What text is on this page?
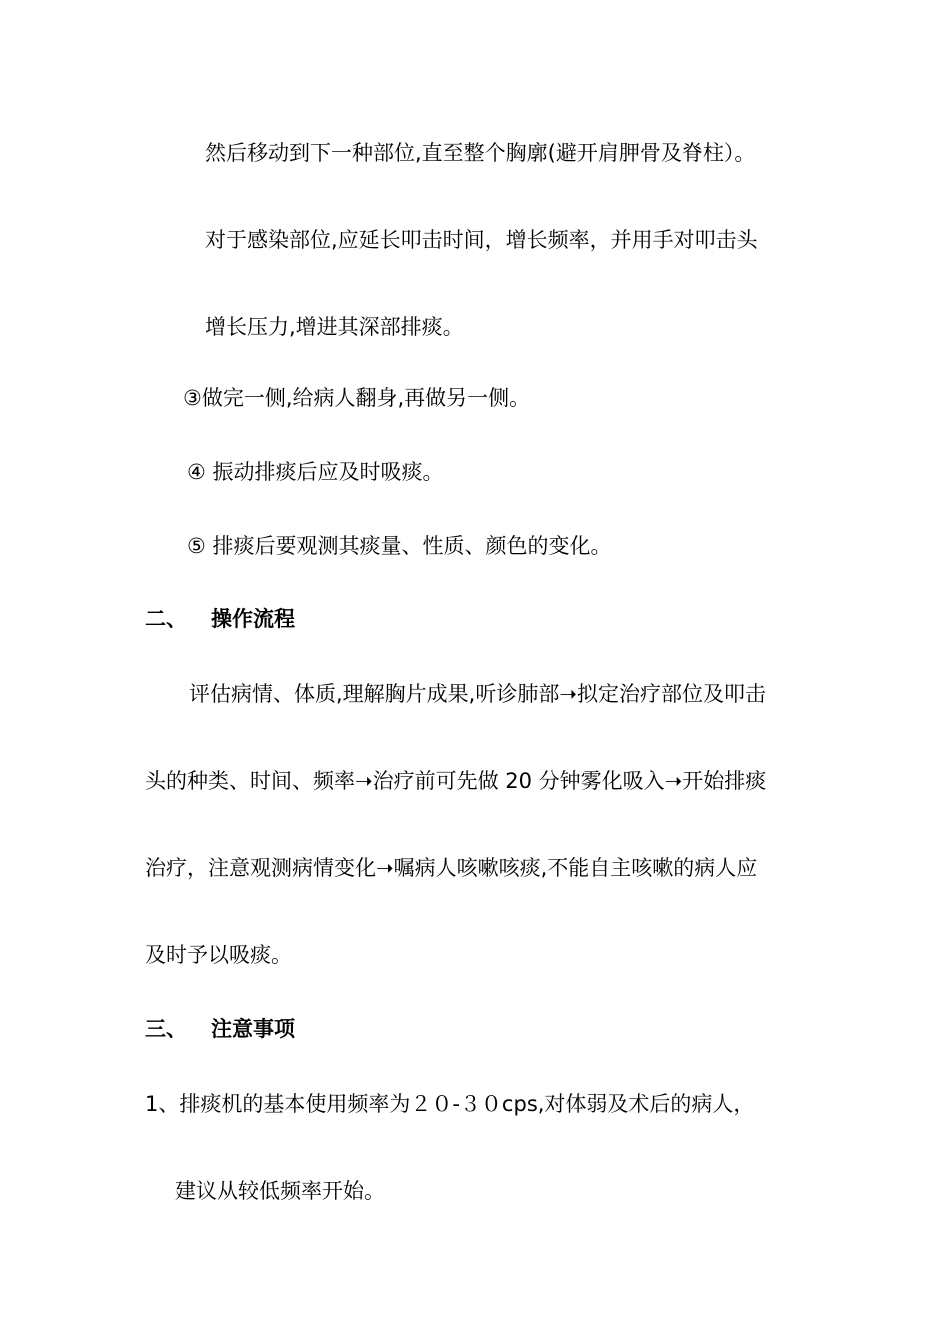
然后移动到下一种部位,直至整个胸廓(避开肩胛骨及脊柱）。
对于感染部位,应延长叩击时间，增长频率，并用手对叩击头
增长压力,增进其深部排痰。
③做完一侧,给病人翻身,再做另一侧。
④ 振动排痰后应及时吸痰。
⑤ 排痰后要观测其痰量、性质、颜色的变化。
二、 操作流程
评估病情、体质,理解胸片成果,听诊肺部➝拟定治疗部位及叩击
头的种类、时间、频率➝治疗前可先做 20 分钟雾化吸入➝开始排痰
治疗，注意观测病情变化➝嘱病人咳嗽咳痰,不能自主咳嗽的病人应
及时予以吸痰。
三、 注意事项
1、排痰机的基本使用频率为２０-３０cps,对体弱及术后的病人，
建议从较低频率开始。
